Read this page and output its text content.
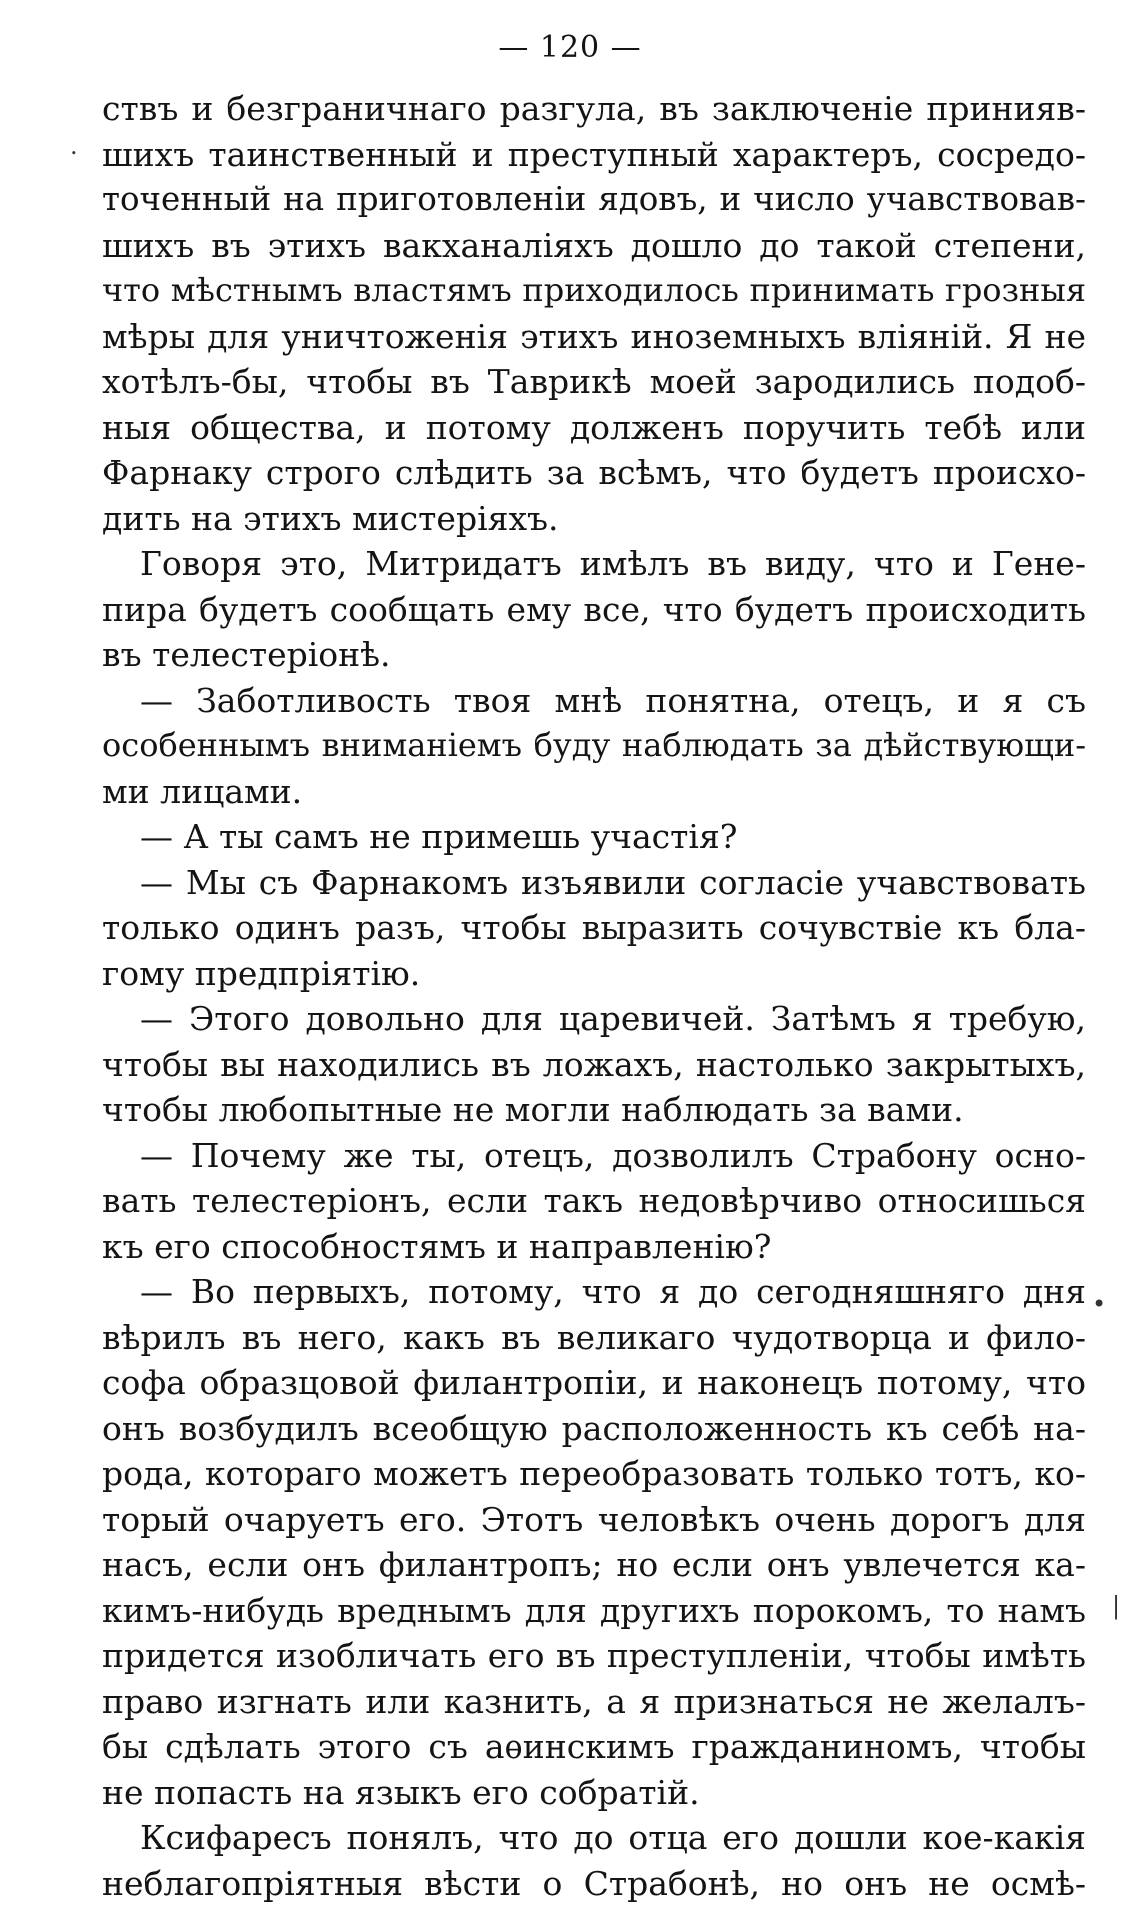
— 120 —
.
•
|
ствъ и безграничнаго разгула, въ заключеніе принияв-
шихъ таинственный и преступный характеръ, сосредо-
точенный на приготовленіи ядовъ, и число учавствовав-
шихъ въ этихъ вакханаліяхъ дошло до такой степени,
что мѣстнымъ властямъ приходилось принимать грозныя
мѣры для уничтоженія этихъ иноземныхъ вліяній. Я не
хотѣлъ-бы, чтобы въ Таврикѣ моей зародились подоб-
ныя общества, и потому долженъ поручить тебѣ или
Фарнаку строго слѣдить за всѣмъ, что будетъ происхо-
дить на этихъ мистеріяхъ.
Говоря это, Митридатъ имѣлъ въ виду, что и Гене-
пира будетъ сообщать ему все, что будетъ происходить
въ телестеріонѣ.
— Заботливость твоя мнѣ понятна, отецъ, и я съ
особеннымъ вниманіемъ буду наблюдать за дѣйствующи-
ми лицами.
— А ты самъ не примешь участія?
— Мы съ Фарнакомъ изъявили согласіе учавствовать
только одинъ разъ, чтобы выразить сочувствіе къ бла-
гому предпріятію.
— Этого довольно для царевичей. Затѣмъ я требую,
чтобы вы находились въ ложахъ, настолько закрытыхъ,
чтобы любопытные не могли наблюдать за вами.
— Почему же ты, отецъ, дозволилъ Страбону осно-
вать телестеріонъ, если такъ недовѣрчиво относишься
къ его способностямъ и направленію?
— Во первыхъ, потому, что я до сегодняшняго дня
вѣрилъ въ него, какъ въ великаго чудотворца и фило-
софа образцовой филантропіи, и наконецъ потому, что
онъ возбудилъ всеобщую расположенность къ себѣ на-
рода, котораго можетъ переобразовать только тотъ, ко-
торый очаруетъ его. Этотъ человѣкъ очень дорогъ для
насъ, если онъ филантропъ; но если онъ увлечется ка-
кимъ-нибудь вреднымъ для другихъ порокомъ, то намъ
придется изобличать его въ преступленіи, чтобы имѣть
право изгнать или казнить, а я признаться не желалъ-
бы сдѣлать этого съ аѳинскимъ гражданиномъ, чтобы
не попасть на языкъ его собратій.
Ксифаресъ понялъ, что до отца его дошли кое-какія
неблагопріятныя вѣсти о Страбонѣ, но онъ не осмѣ-
